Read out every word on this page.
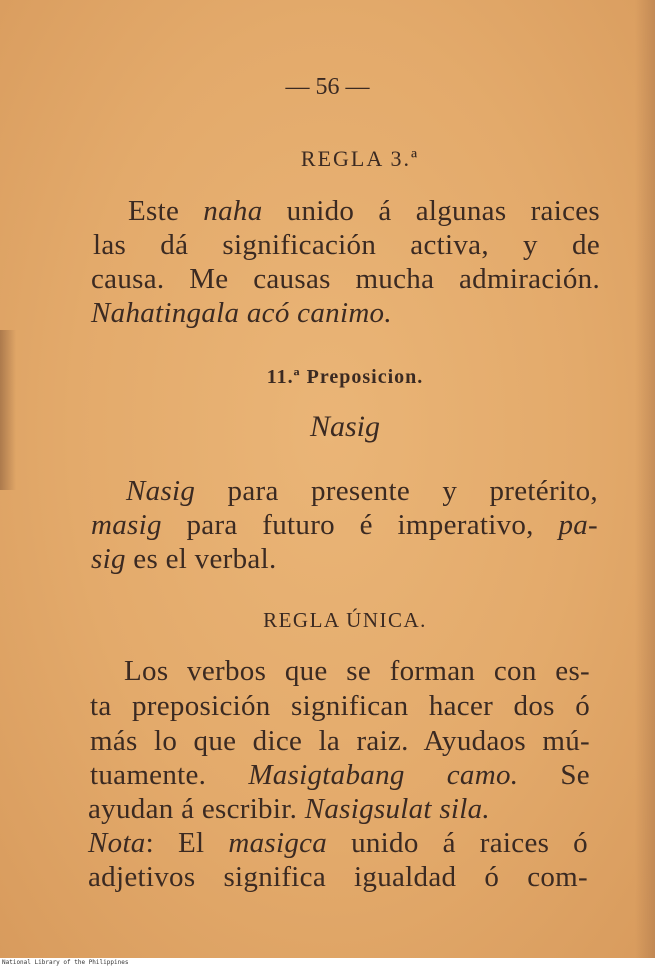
— 56 —
REGLA 3.ª
Este naha unido á algunas raices
las dá significación activa, y de
causa. Me causas mucha admiración.
Nahatingala acó canimo.
11.ª Preposicion.
Nasig
Nasig para presente y pretérito,
masig para futuro é imperativo, pa-
sig es el verbal.
REGLA ÚNICA.
Los verbos que se forman con es-
ta preposición significan hacer dos ó
más lo que dice la raiz. Ayudaos mú-
tuamente. Masigtabang camo. Se
ayudan á escribir. Nasigsulat sila.
Nota: El masigca unido á raices ó
adjetivos significa igualdad ó com-
National Library of the Philippines
